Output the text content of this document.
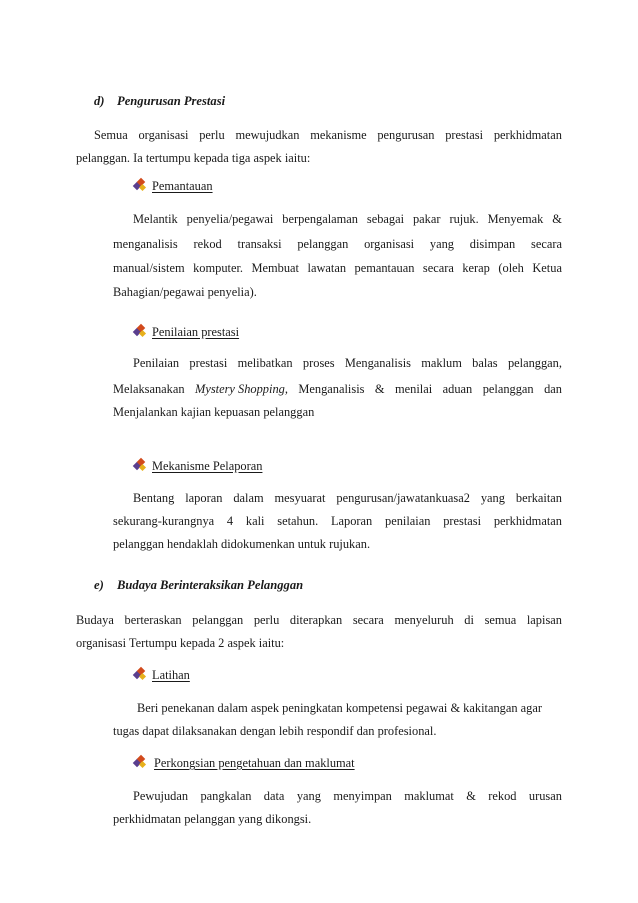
d) Pengurusan Prestasi
Semua organisasi perlu mewujudkan mekanisme pengurusan prestasi perkhidmatan
pelanggan. Ia tertumpu kepada tiga aspek iaitu:
Pemantauan
Melantik penyelia/pegawai berpengalaman sebagai pakar rujuk. Menyemak &
menganalisis rekod transaksi pelanggan organisasi yang disimpan secara
manual/sistem komputer. Membuat lawatan pemantauan secara kerap (oleh Ketua
Bahagian/pegawai penyelia).
Penilaian prestasi
Penilaian prestasi melibatkan proses Menganalisis maklum balas pelanggan,
Melaksanakan Mystery Shopping, Menganalisis & menilai aduan pelanggan dan
Menjalankan kajian kepuasan pelanggan
Mekanisme Pelaporan
Bentang laporan dalam mesyuarat pengurusan/jawatankuasa2 yang berkaitan
sekurang-kurangnya 4 kali setahun. Laporan penilaian prestasi perkhidmatan
pelanggan hendaklah didokumenkan untuk rujukan.
e) Budaya Berinteraksikan Pelanggan
Budaya berteraskan pelanggan perlu diterapkan secara menyeluruh di semua lapisan
organisasi Tertumpu kepada 2 aspek iaitu:
Latihan
Beri penekanan dalam aspek peningkatan kompetensi pegawai & kakitangan agar
tugas dapat dilaksanakan dengan lebih respondif dan profesional.
Perkongsian pengetahuan dan maklumat
Pewujudan pangkalan data yang menyimpan maklumat & rekod urusan
perkhidmatan pelanggan yang dikongsi.
